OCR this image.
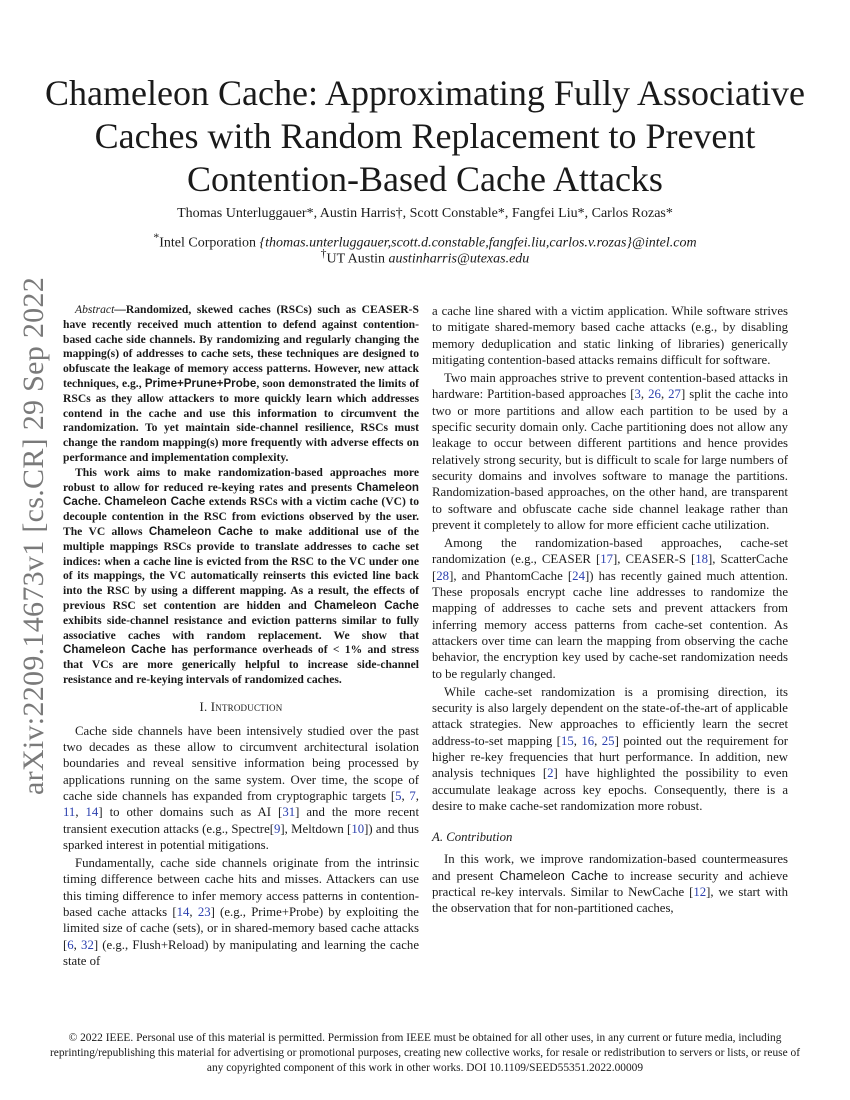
arXiv:2209.14673v1 [cs.CR] 29 Sep 2022
Chameleon Cache: Approximating Fully Associative Caches with Random Replacement to Prevent Contention-Based Cache Attacks
Thomas Unterluggauer*, Austin Harris†, Scott Constable*, Fangfei Liu*, Carlos Rozas*
*Intel Corporation {thomas.unterluggauer,scott.d.constable,fangfei.liu,carlos.v.rozas}@intel.com
†UT Austin austinharris@utexas.edu

Abstract—Randomized, skewed caches (RSCs) such as CEASER-S have recently received much attention to defend against contention-based cache side channels. By randomizing and regularly changing the mapping(s) of addresses to cache sets, these techniques are designed to obfuscate the leakage of memory access patterns. However, new attack techniques, e.g., Prime+Prune+Probe, soon demonstrated the limits of RSCs as they allow attackers to more quickly learn which addresses contend in the cache and use this information to circumvent the randomization. To yet maintain side-channel resilience, RSCs must change the random mapping(s) more frequently with adverse effects on performance and implementation complexity.

This work aims to make randomization-based approaches more robust to allow for reduced re-keying rates and presents Chameleon Cache. Chameleon Cache extends RSCs with a victim cache (VC) to decouple contention in the RSC from evictions observed by the user. The VC allows Chameleon Cache to make additional use of the multiple mappings RSCs provide to translate addresses to cache set indices: when a cache line is evicted from the RSC to the VC under one of its mappings, the VC automatically reinserts this evicted line back into the RSC by using a different mapping. As a result, the effects of previous RSC set contention are hidden and Chameleon Cache exhibits side-channel resistance and eviction patterns similar to fully associative caches with random replacement. We show that Chameleon Cache has performance overheads of < 1% and stress that VCs are more generically helpful to increase side-channel resistance and re-keying intervals of randomized caches.

I. Introduction

Cache side channels have been intensively studied over the past two decades as these allow to circumvent architectural isolation boundaries and reveal sensitive information being processed by applications running on the same system. Over time, the scope of cache side channels has expanded from cryptographic targets [5, 7, 11, 14] to other domains such as AI [31] and the more recent transient execution attacks (e.g., Spectre[9], Meltdown [10]) and thus sparked interest in potential mitigations.

Fundamentally, cache side channels originate from the intrinsic timing difference between cache hits and misses. Attackers can use this timing difference to infer memory access patterns in contention-based cache attacks [14, 23] (e.g., Prime+Probe) by exploiting the limited size of cache (sets), or in shared-memory based cache attacks [6, 32] (e.g., Flush+Reload) by manipulating and learning the cache state of

a cache line shared with a victim application. While software strives to mitigate shared-memory based cache attacks (e.g., by disabling memory deduplication and static linking of libraries) generically mitigating contention-based attacks remains difficult for software.

Two main approaches strive to prevent contention-based attacks in hardware: Partition-based approaches [3, 26, 27] split the cache into two or more partitions and allow each partition to be used by a specific security domain only. Cache partitioning does not allow any leakage to occur between different partitions and hence provides relatively strong security, but is difficult to scale for large numbers of security domains and involves software to manage the partitions. Randomization-based approaches, on the other hand, are transparent to software and obfuscate cache side channel leakage rather than prevent it completely to allow for more efficient cache utilization.

Among the randomization-based approaches, cache-set randomization (e.g., CEASER [17], CEASER-S [18], ScatterCache [28], and PhantomCache [24]) has recently gained much attention. These proposals encrypt cache line addresses to randomize the mapping of addresses to cache sets and prevent attackers from inferring memory access patterns from cache-set contention. As attackers over time can learn the mapping from observing the cache behavior, the encryption key used by cache-set randomization needs to be regularly changed.

While cache-set randomization is a promising direction, its security is also largely dependent on the state-of-the-art of applicable attack strategies. New approaches to efficiently learn the secret address-to-set mapping [15, 16, 25] pointed out the requirement for higher re-key frequencies that hurt performance. In addition, new analysis techniques [2] have highlighted the possibility to even accumulate leakage across key epochs. Consequently, there is a desire to make cache-set randomization more robust.

A. Contribution

In this work, we improve randomization-based countermeasures and present Chameleon Cache to increase security and achieve practical re-key intervals. Similar to NewCache [12], we start with the observation that for non-partitioned caches,

© 2022 IEEE. Personal use of this material is permitted. Permission from IEEE must be obtained for all other uses, in any current or future media, including reprinting/republishing this material for advertising or promotional purposes, creating new collective works, for resale or redistribution to servers or lists, or reuse of any copyrighted component of this work in other works. DOI 10.1109/SEED55351.2022.00009
